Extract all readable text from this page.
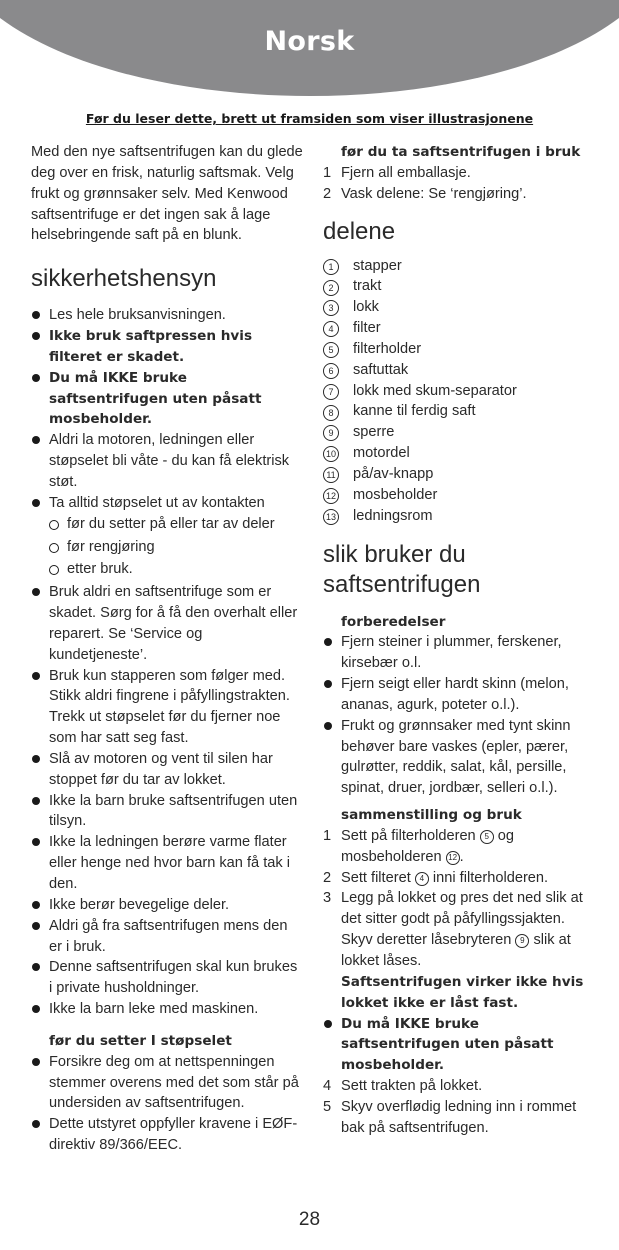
Norsk
Før du leser dette, brett ut framsiden som viser illustrasjonene

Med den nye saftsentrifugen kan du glede deg over en frisk, naturlig saftsmak. Velg frukt og grønnsaker selv. Med Kenwood saftsentrifuge er det ingen sak å lage helsebringende saft på en blunk.

sikkerhetshensyn
Les hele bruksanvisningen.
Ikke bruk saftpressen hvis filteret er skadet.
Du må IKKE bruke saftsentrifugen uten påsatt mosbeholder.
Aldri la motoren, ledningen eller støpselet bli våte - du kan få elektrisk støt.
Ta alltid støpselet ut av kontakten
før du setter på eller tar av deler
før rengjøring
etter bruk.
Bruk aldri en saftsentrifuge som er skadet. Sørg for å få den overhalt eller reparert. Se ‘Service og kundetjeneste’.
Bruk kun stapperen som følger med. Stikk aldri fingrene i påfyllingstrakten. Trekk ut støpselet før du fjerner noe som har satt seg fast.
Slå av motoren og vent til silen har stoppet før du tar av lokket.
Ikke la barn bruke saftsentrifugen uten tilsyn.
Ikke la ledningen berøre varme flater eller henge ned hvor barn kan få tak i den.
Ikke berør bevegelige deler.
Aldri gå fra saftsentrifugen mens den er i bruk.
Denne saftsentrifugen skal kun brukes i private husholdninger.
Ikke la barn leke med maskinen.
før du setter I støpselet
Forsikre deg om at nettspenningen stemmer overens med det som står på undersiden av saftsentrifugen.
Dette utstyret oppfyller kravene i EØF-direktiv 89/366/EEC.
før du ta saftsentrifugen i bruk
1 Fjern all emballasje.
2 Vask delene: Se ‘rengjøring’.
delene
1	stapper
2	trakt
3	lokk
4	filter
5	filterholder
6	saftuttak
7	lokk med skum-separator
8	kanne til ferdig saft
9	sperre
10	motordel
11	på/av-knapp
12	mosbeholder
13	ledningsrom
slik bruker du
saftsentrifugen
forberedelser
Fjern steiner i plummer, ferskener, kirsebær o.l.
Fjern seigt eller hardt skinn (melon, ananas, agurk, poteter o.l.).
Frukt og grønnsaker med tynt skinn behøver bare vaskes (epler, pærer, gulrøtter, reddik, salat, kål, persille, spinat, druer, jordbær, selleri o.l.).
sammenstilling og bruk
1 Sett på filterholderen 5 og mosbeholderen 12 .
2 Sett filteret 4 inni filterholderen.
3 Legg på lokket og pres det ned slik at det sitter godt på påfyllingssjakten. Skyv deretter låsebryteren 9 slik at lokket låses.
Saftsentrifugen virker ikke hvis lokket ikke er låst fast.
Du må IKKE bruke saftsentrifugen uten påsatt mosbeholder.
4 Sett trakten på lokket.
5 Skyv overflødig ledning inn i rommet bak på saftsentrifugen.
28
